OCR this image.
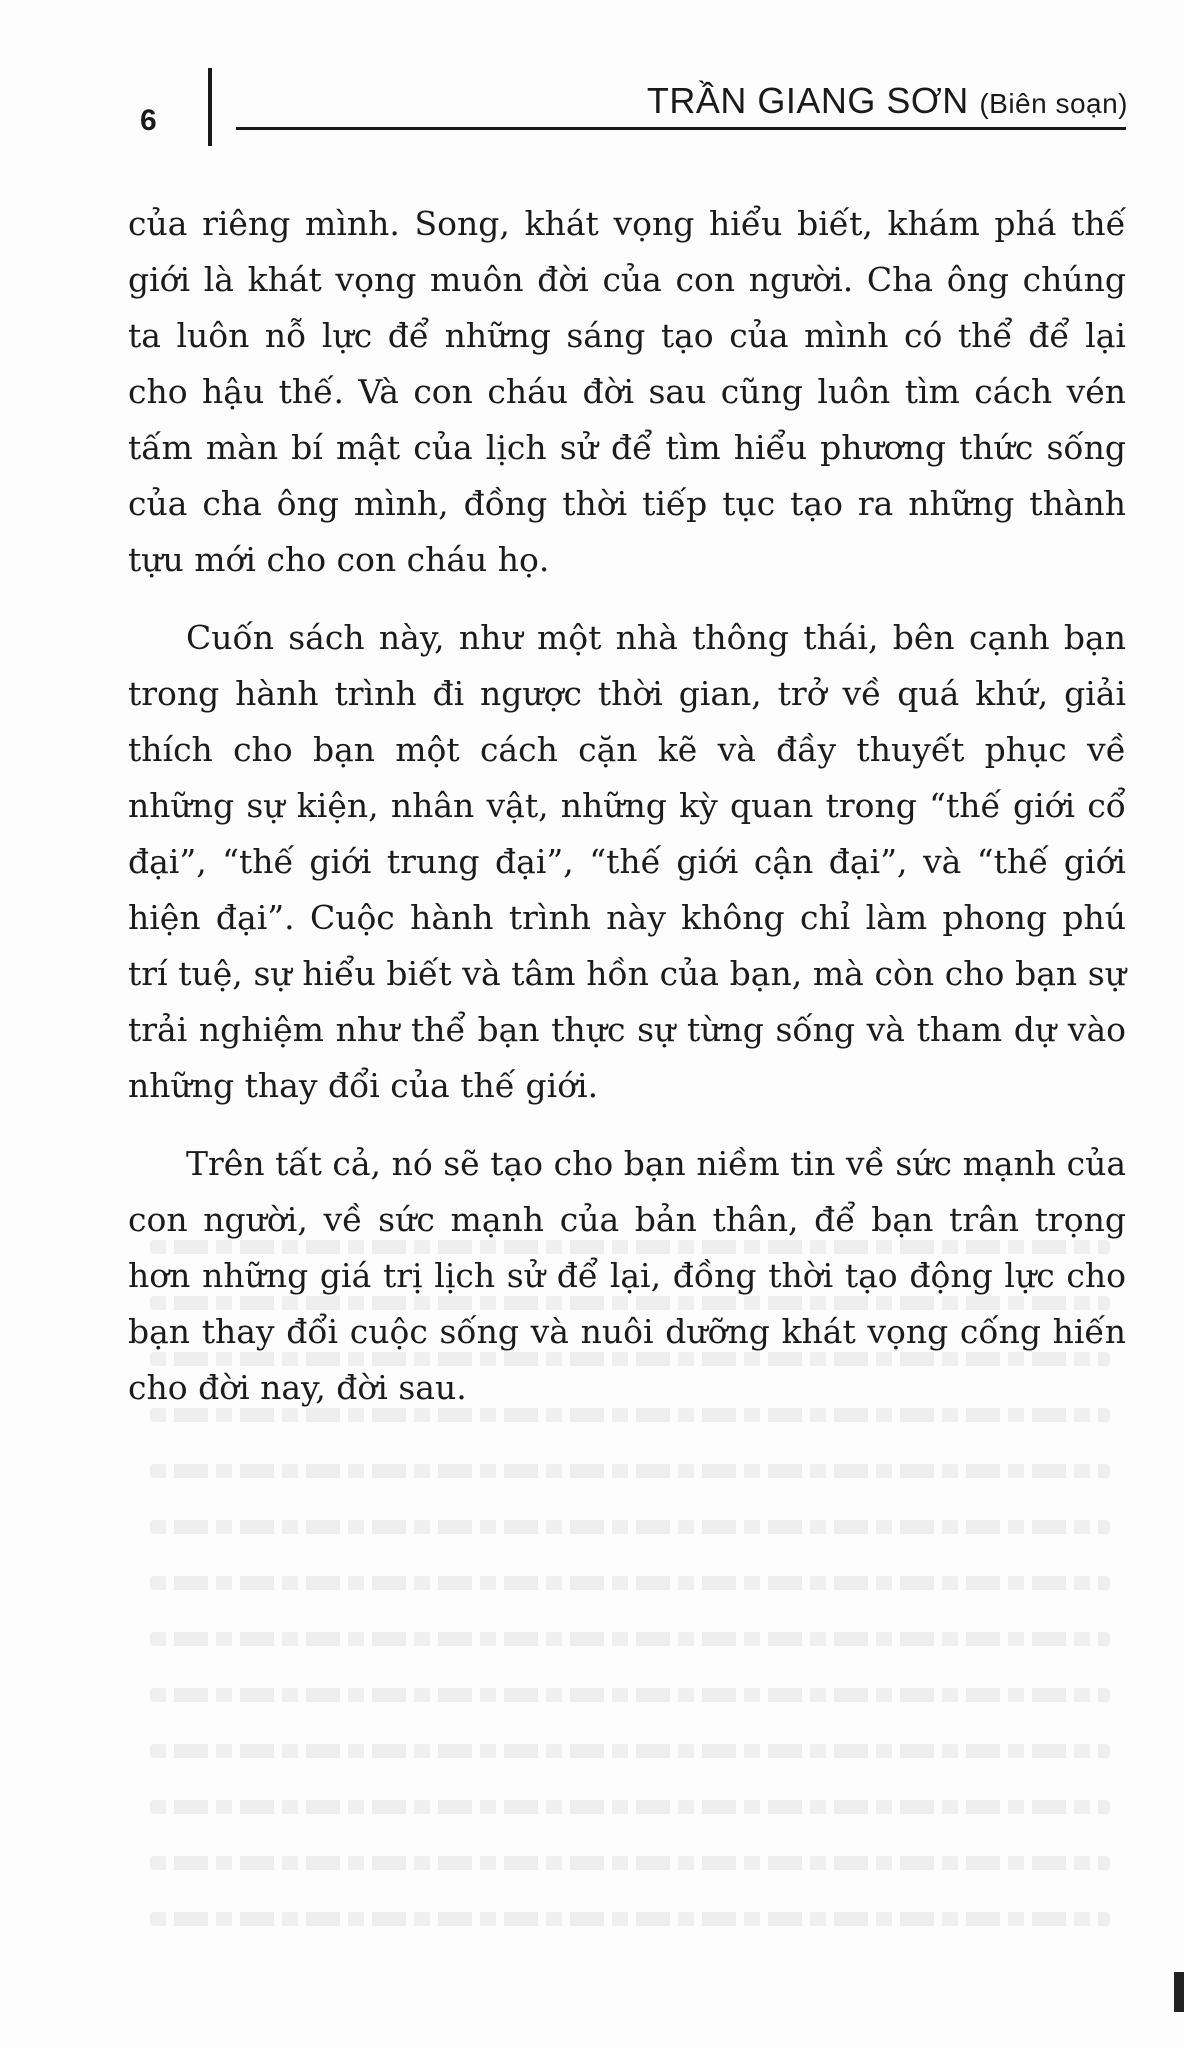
6	TRẦN GIANG SƠN (Biên soạn)

của riêng mình. Song, khát vọng hiểu biết, khám phá thế giới là khát vọng muôn đời của con người. Cha ông chúng ta luôn nỗ lực để những sáng tạo của mình có thể để lại cho hậu thế. Và con cháu đời sau cũng luôn tìm cách vén tấm màn bí mật của lịch sử để tìm hiểu phương thức sống của cha ông mình, đồng thời tiếp tục tạo ra những thành tựu mới cho con cháu họ.

Cuốn sách này, như một nhà thông thái, bên cạnh bạn trong hành trình đi ngược thời gian, trở về quá khứ, giải thích cho bạn một cách cặn kẽ và đầy thuyết phục về những sự kiện, nhân vật, những kỳ quan trong “thế giới cổ đại”, “thế giới trung đại”, “thế giới cận đại”, và “thế giới hiện đại”. Cuộc hành trình này không chỉ làm phong phú trí tuệ, sự hiểu biết và tâm hồn của bạn, mà còn cho bạn sự trải nghiệm như thể bạn thực sự từng sống và tham dự vào những thay đổi của thế giới.

Trên tất cả, nó sẽ tạo cho bạn niềm tin về sức mạnh của con người, về sức mạnh của bản thân, để bạn trân trọng hơn những giá trị lịch sử để lại, đồng thời tạo động lực cho bạn thay đổi cuộc sống và nuôi dưỡng khát vọng cống hiến cho đời nay, đời sau.
